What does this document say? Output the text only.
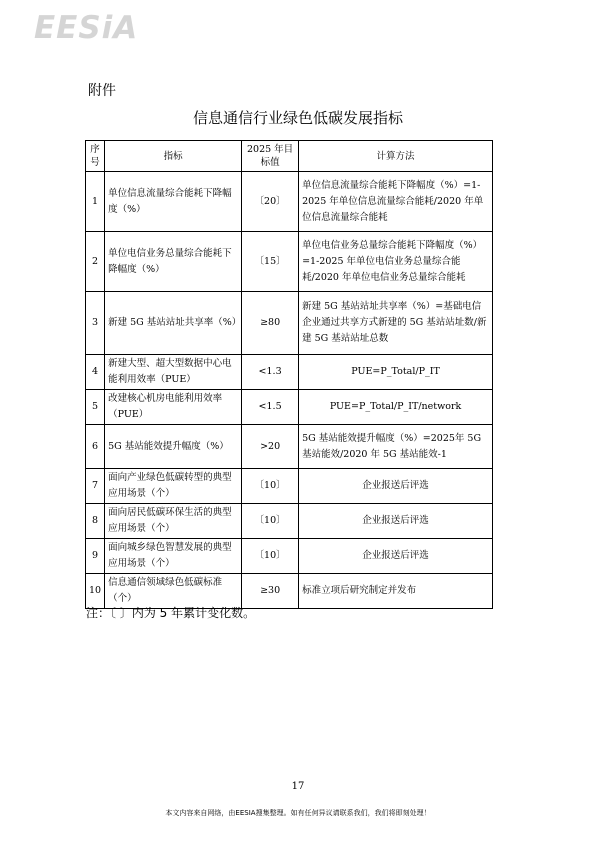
EESiA
附件
信息通信行业绿色低碳发展指标
序号	指标	2025 年目标值	计算方法
1	单位信息流量综合能耗下降幅度（%）	〔20〕	单位信息流量综合能耗下降幅度（%）=1-2025 年单位信息流量综合能耗/2020 年单位信息流量综合能耗
2	单位电信业务总量综合能耗下降幅度（%）	〔15〕	单位电信业务总量综合能耗下降幅度（%）=1-2025 年单位电信业务总量综合能耗/2020 年单位电信业务总量综合能耗
3	新建 5G 基站站址共享率（%）	≥80	新建 5G 基站站址共享率（%）=基础电信企业通过共享方式新建的 5G 基站站址数/新建 5G 基站站址总数
4	新建大型、超大型数据中心电能利用效率（PUE）	<1.3	PUE=P_Total/P_IT
5	改建核心机房电能利用效率（PUE）	<1.5	PUE=P_Total/P_IT/network
6	5G 基站能效提升幅度（%）	>20	5G 基站能效提升幅度（%）=2025年 5G 基站能效/2020 年 5G 基站能效-1
7	面向产业绿色低碳转型的典型应用场景（个）	〔10〕	企业报送后评选
8	面向居民低碳环保生活的典型应用场景（个）	〔10〕	企业报送后评选
9	面向城乡绿色智慧发展的典型应用场景（个）	〔10〕	企业报送后评选
10	信息通信领域绿色低碳标准（个）	≥30	标准立项后研究制定并发布
注：〔 〕内为 5 年累计变化数。
17
本文内容来自网络，由EESIA搜集整理。如有任何异议请联系我们，我们将即刻处理！
